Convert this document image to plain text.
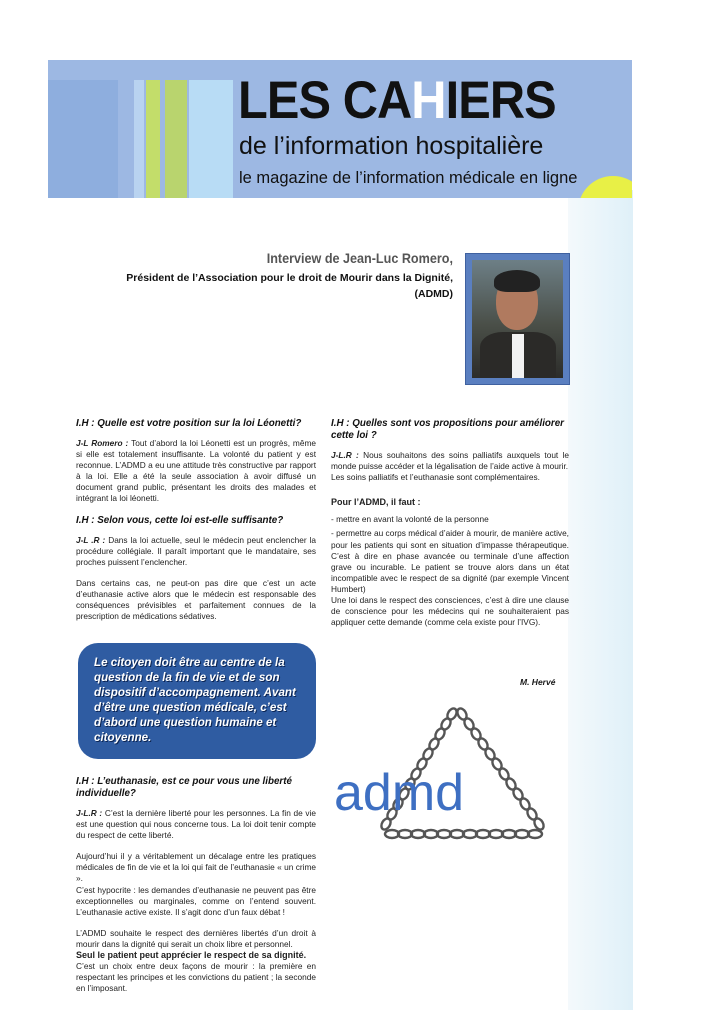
LES CAHIERS
de l’information hospitalière
le magazine de l’information médicale en ligne
Interview de Jean-Luc Romero,
Président de l’Association pour le droit de Mourir dans la Dignité,
(ADMD)
I.H : Quelle est votre position sur la loi Léonetti?

J-L Romero : Tout d’abord la loi Léonetti est un progrès, même si elle est totalement insuffisante. La volonté du patient y est reconnue. L’ADMD a eu une attitude très constructive par rapport à la loi. Elle a été la seule association à avoir diffusé un document grand public, présentant les droits des malades et intégrant la loi léonetti.

I.H : Selon vous, cette loi est-elle suffisante?

J-L .R : Dans la loi actuelle, seul le médecin peut enclencher la procédure collégiale. Il paraît important que le mandataire, ses proches puissent l’enclencher.

Dans certains cas, ne peut-on pas dire que c’est un acte d’euthanasie active alors que le médecin est responsable des conséquences prévisibles et parfaitement connues de la prescription de médications sédatives.

I.H : Quelles sont vos propositions pour améliorer cette loi ?

J-L.R : Nous souhaitons des soins palliatifs auxquels tout le monde puisse accéder et la légalisation de l’aide active à mourir.

Les soins palliatifs et l’euthanasie sont complémentaires.

Pour l’ADMD, il faut :

- mettre en avant la volonté de la personne

- permettre au corps médical d’aider à mourir, de manière active, pour les patients qui sont en situation d’impasse thérapeutique. C’est à dire en phase avancée ou terminale d’une affection grave ou incurable. Le patient se trouve alors dans un état incompatible avec le respect de sa dignité (par exemple Vincent Humbert)

Une loi dans le respect des consciences, c’est à dire une clause de conscience pour les médecins qui ne souhaiteraient pas appliquer cette demande (comme cela existe pour l’IVG).

M. Hervé
Le citoyen doit être au centre de la question de la fin de vie et de son dispositif d’accompagnement. Avant d’être une question médicale, c’est d’abord une question humaine et citoyenne.
I.H : L’euthanasie, est ce pour vous une liberté individuelle?

J-L.R : C’est la dernière liberté pour les personnes. La fin de vie est une question qui nous concerne tous. La loi doit tenir compte du respect de cette liberté.

Aujourd’hui il y a véritablement un décalage entre les pratiques médicales de fin de vie et la loi qui fait de l’euthanasie « un crime ».

C’est hypocrite : les demandes d’euthanasie ne peuvent pas être exceptionnelles ou marginales, comme on l’entend souvent. L’euthanasie active existe. Il s’agit donc d’un faux débat !

L’ADMD souhaite le respect des dernières libertés d’un droit à mourir dans la dignité qui serait un choix libre et personnel.

Seul le patient peut apprécier le respect de sa dignité.

C’est un choix entre deux façons de mourir : la première en respectant les principes et les convictions du patient ; la seconde en l’imposant.

admd
